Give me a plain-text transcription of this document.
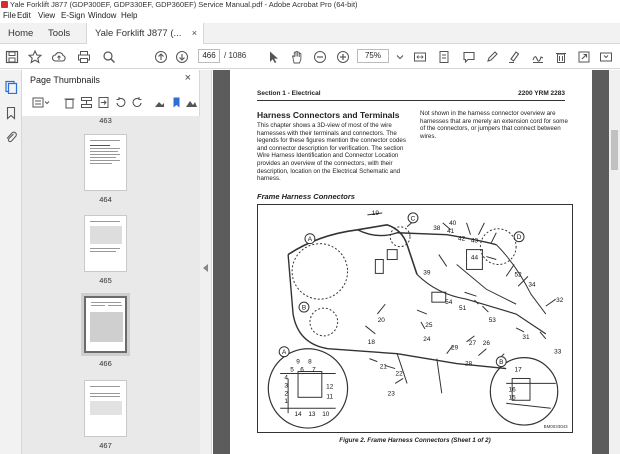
Yale Forklift J877 (GDP300EF, GDP330EF, GDP360EF) Service Manual.pdf - Adobe Acrobat Pro (64-bit)
File Edit View E-Sign Window Help
Home	Tools	Yale Forklift J877 (... ×
466	/ 1086	75%
Page Thumbnails	×
463
464
465
466
467
Section 1 - Electrical	2200 YRM 2283
Harness Connectors and Terminals
This chapter shows a 3D-view of most of the wire harnesses with their terminals and connectors. The legends for these figures mention the connector codes and connector description for verification. The section Wire Harness Identification and Connector Location provides an overview of the connectors, with their description, location on the Electrical Schematic and harness.
Not shown in the harness connector overview are harnesses that are merely an extension cord for some of the connectors, or jumpers that connect between wires.
Frame Harness Connectors
A
B
C
D
A
B
19
38
40
41
42 43
44
39	52
34
32
54
51
53
20
25
18	24
29
27 26
28
31
33
21
22
23
17
16
15
9 8
5 6 7
4
3
2
1
14 13 10
12
11
BM0033043
Figure 2. Frame Harness Connectors (Sheet 1 of 2)
